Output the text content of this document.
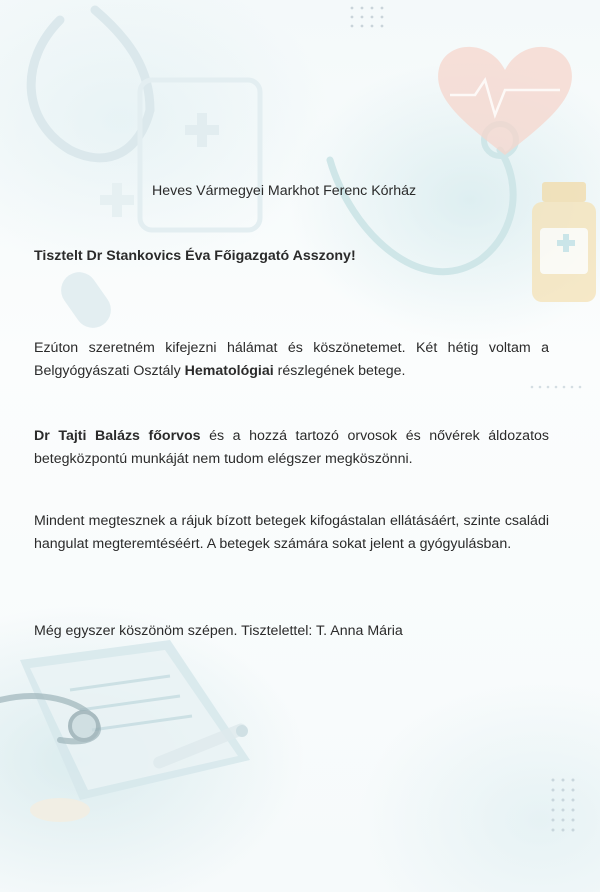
Heves Vármegyei Markhot Ferenc Kórház
Tisztelt Dr Stankovics Éva Főigazgató Asszony!

Ezúton szeretném kifejezni hálámat és köszönetemet. Két hétig voltam a Belgyógyászati Osztály Hematológiai részlegének betege.

Dr Tajti Balázs főorvos és a hozzá tartozó orvosok és nővérek áldozatos betegközpontú munkáját nem tudom elégszer megköszönni.

Mindent megtesznek a rájuk bízott betegek kifogástalan ellátásáért, szinte családi hangulat megteremtéséért. A betegek számára sokat jelent a gyógyulásban.

Még egyszer köszönöm szépen. Tisztelettel: T. Anna Mária
